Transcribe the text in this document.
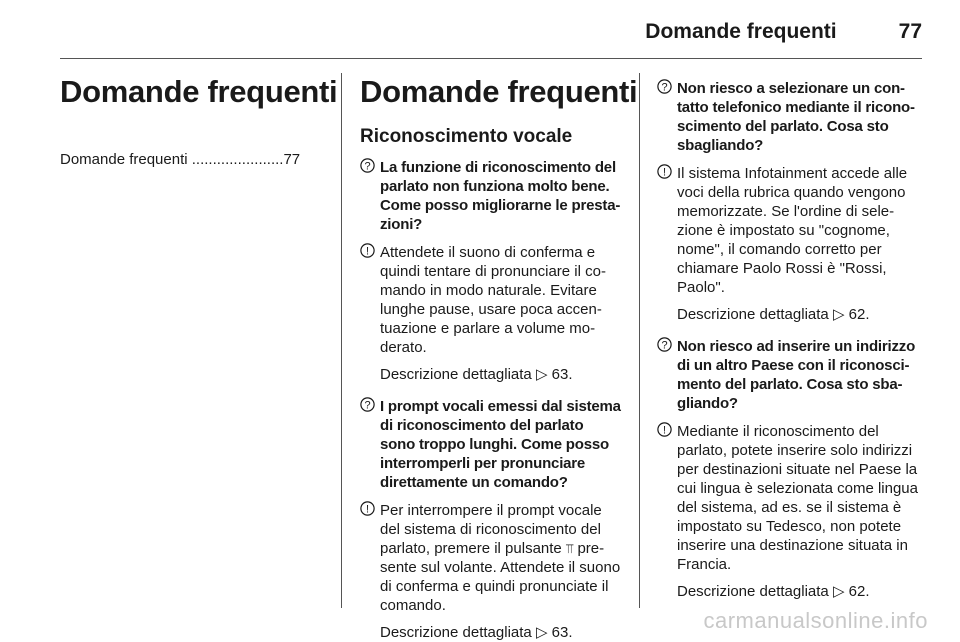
Domande frequenti	77
Domande frequenti
Domande frequenti ......................77
Domande frequenti
Riconoscimento vocale
? La funzione di riconoscimento del parlato non funziona molto bene. Come posso migliorarne le prestazioni?
! Attendete il suono di conferma e quindi tentare di pronunciare il comando in modo naturale. Evitare lunghe pause, usare poca accentuazione e parlare a volume moderato.
Descrizione dettagliata ▷ 63.
? I prompt vocali emessi dal sistema di riconoscimento del parlato sono troppo lunghi. Come posso interromperli per pronunciare direttamente un comando?
! Per interrompere il prompt vocale del sistema di riconoscimento del parlato, premere il pulsante ⫪ presente sul volante. Attendete il suono di conferma e quindi pronunciate il comando.
Descrizione dettagliata ▷ 63.
? Non riesco a selezionare un contatto telefonico mediante il riconoscimento del parlato. Cosa sto sbagliando?
! Il sistema Infotainment accede alle voci della rubrica quando vengono memorizzate. Se l'ordine di selezione è impostato su "cognome, nome", il comando corretto per chiamare Paolo Rossi è "Rossi, Paolo".
Descrizione dettagliata ▷ 62.
? Non riesco ad inserire un indirizzo di un altro Paese con il riconoscimento del parlato. Cosa sto sbagliando?
! Mediante il riconoscimento del parlato, potete inserire solo indirizzi per destinazioni situate nel Paese la cui lingua è selezionata come lingua del sistema, ad es. se il sistema è impostato su Tedesco, non potete inserire una destinazione situata in Francia.
Descrizione dettagliata ▷ 62.
carmanualsonline.info
